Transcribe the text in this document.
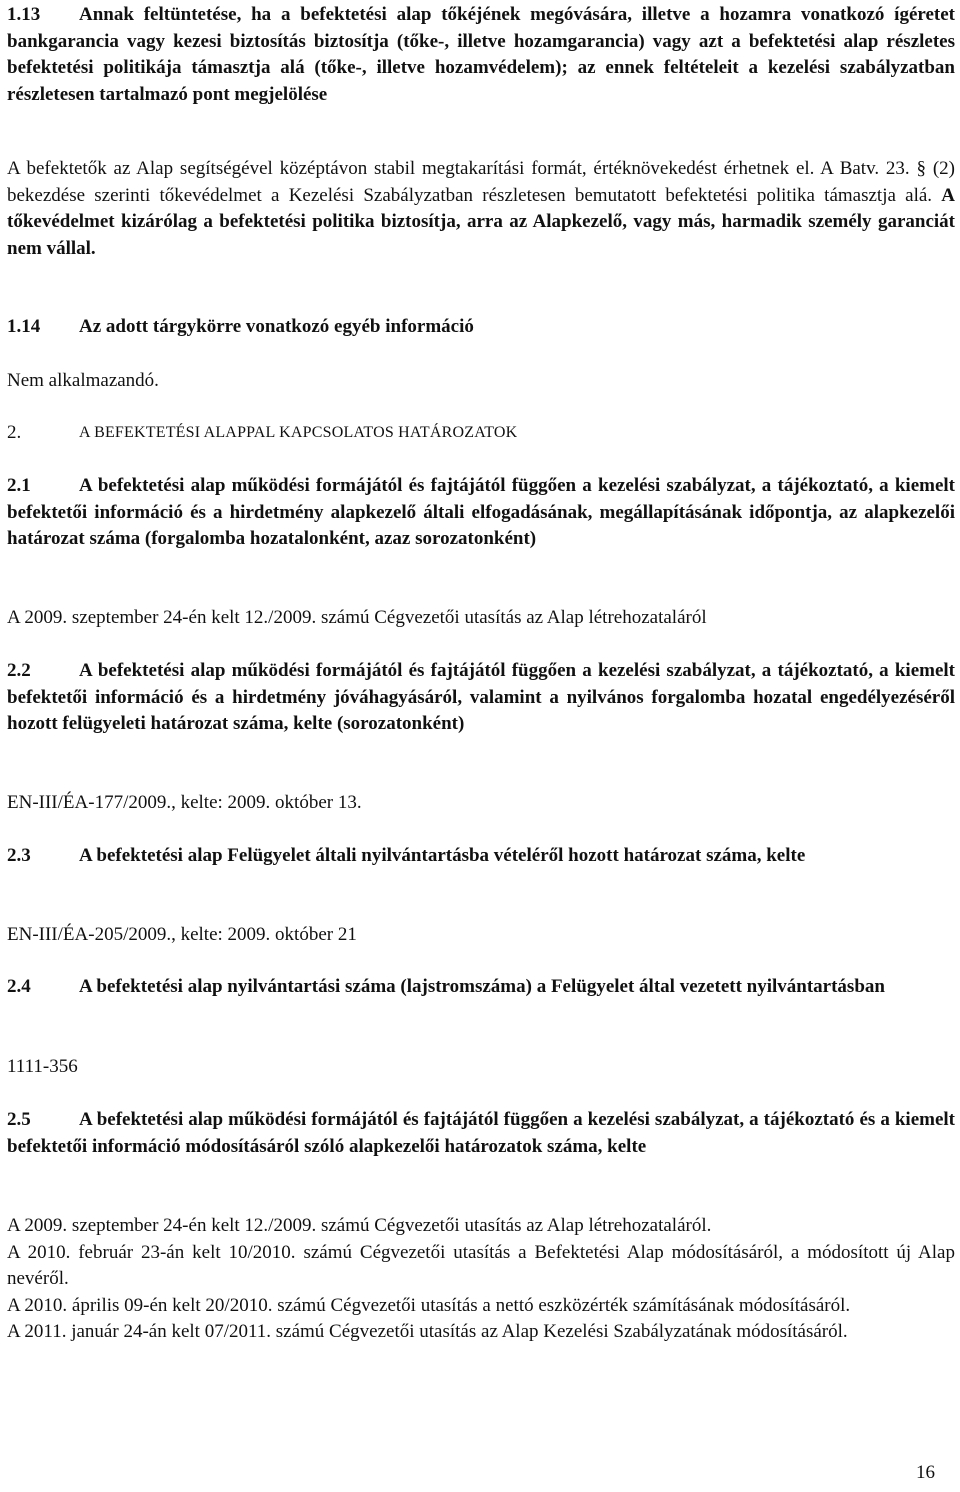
1.13 Annak feltüntetése, ha a befektetési alap tőkéjének megóvására, illetve a hozamra vonatkozó ígéretet bankgarancia vagy kezesi biztosítás biztosítja (tőke-, illetve hozamgarancia) vagy azt a befektetési alap részletes befektetési politikája támasztja alá (tőke-, illetve hozamvédelem); az ennek feltételeit a kezelési szabályzatban részletesen tartalmazó pont megjelölése
A befektetők az Alap segítségével középtávon stabil megtakarítási formát, értéknövekedést érhetnek el. A Batv. 23. § (2) bekezdése szerinti tőkevédelmet a Kezelési Szabályzatban részletesen bemutatott befektetési politika támasztja alá. A tőkevédelmet kizárólag a befektetési politika biztosítja, arra az Alapkezelő, vagy más, harmadik személy garanciát nem vállal.
1.14	Az adott tárgykörre vonatkozó egyéb információ
Nem alkalmazandó.
2.	A BEFEKTETÉSI ALAPPAL KAPCSOLATOS HATÁROZATOK
2.1	A befektetési alap működési formájától és fajtájától függően a kezelési szabályzat, a tájékoztató, a kiemelt befektetői információ és a hirdetmény alapkezelő általi elfogadásának, megállapításának időpontja, az alapkezelői határozat száma (forgalomba hozatalonként, azaz sorozatonként)
A 2009. szeptember 24-én kelt 12./2009. számú Cégvezetői utasítás az Alap létrehozataláról
2.2	A befektetési alap működési formájától és fajtájától függően a kezelési szabályzat, a tájékoztató, a kiemelt befektetői információ és a hirdetmény jóváhagyásáról, valamint a nyilvános forgalomba hozatal engedélyezéséről hozott felügyeleti határozat száma, kelte (sorozatonként)
EN-III/ÉA-177/2009., kelte: 2009. október 13.
2.3	A befektetési alap Felügyelet általi nyilvántartásba vételéről hozott határozat száma, kelte
EN-III/ÉA-205/2009., kelte: 2009. október 21
2.4	A befektetési alap nyilvántartási száma (lajstromszáma) a Felügyelet által vezetett nyilvántartásban
1111-356
2.5	A befektetési alap működési formájától és fajtájától függően a kezelési szabályzat, a tájékoztató és a kiemelt befektetői információ módosításáról szóló alapkezelői határozatok száma, kelte
A 2009. szeptember 24-én kelt 12./2009. számú Cégvezetői utasítás az Alap létrehozataláról.
A 2010. február 23-án kelt 10/2010. számú Cégvezetői utasítás a Befektetési Alap módosításáról, a módosított új Alap nevéről.
A 2010. április 09-én kelt 20/2010. számú Cégvezetői utasítás a nettó eszközérték számításának módosításáról.
A 2011. január 24-án kelt 07/2011. számú Cégvezetői utasítás az Alap Kezelési Szabályzatának módosításáról.
16
